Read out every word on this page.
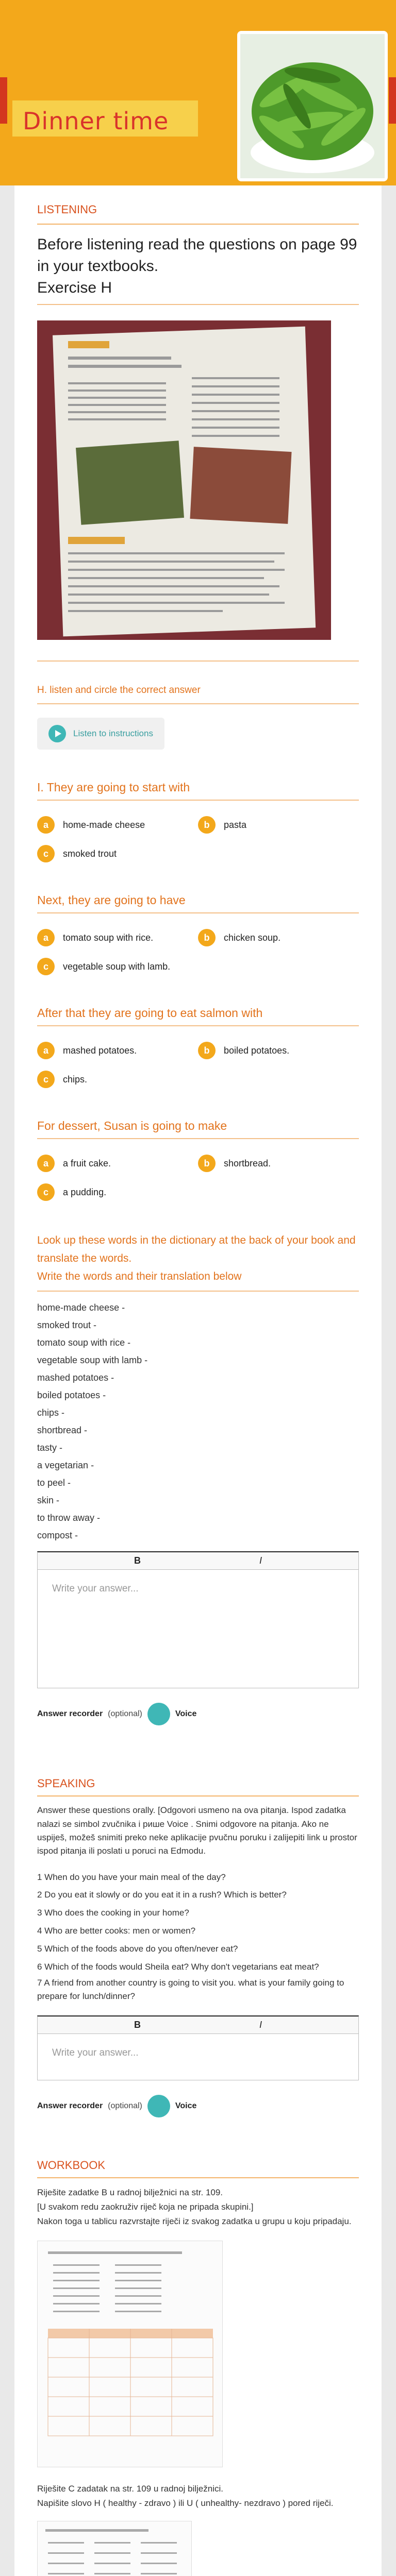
Dinner time
LISTENING
Before listening read the questions on page 99 in your textbooks.
Exercise H
H. listen and circle the correct answer
Listen to instructions
I. They are going to start with
a	home-made cheese	b	pasta
c	smoked trout
Next, they are going to have
a	tomato soup with rice.	b	chicken soup.
c	vegetable soup with lamb.
After that they are going to eat salmon with
a	mashed potatoes.	b	boiled potatoes.
c	chips.
For dessert, Susan is going to make
a	a fruit cake.	b	shortbread.
c	a pudding.
Look up these words in the dictionary at the back of your book and translate the words.
Write the words and their translation below
home-made cheese -
smoked trout -
tomato soup with rice -
vegetable soup with lamb -
mashed potatoes -
boiled potatoes -
chips -
shortbread -
tasty -
a vegetarian -
to peel -
skin -
to throw away -
compost -
B	I
Write your answer...
Answer recorder (optional)	Voice
SPEAKING
Answer these questions orally. [Odgovori usmeno na ova pitanja. Ispod zadatka nalazi se simbol zvučnika i pише Voice . Snimi odgovore na pitanja. Ako ne uspiješ, možeš snimiti preko neke aplikacije pvučnu poruku i zalijepiti link u prostor ispod pitanja ili poslati u poruci na Edmodu.
1 When do you have your main meal of the day?
2 Do you eat it slowly or do you eat it in a rush? Which is better?
3 Who does the cooking in your home?
4 Who are better cooks: men or women?
5 Which of the foods above do you often/never eat?
6 Which of the foods would Sheila eat? Why don't vegetarians eat meat?
7 A friend from another country is going to visit you. what is your family going to prepare for lunch/dinner?
B	I
Write your answer...
Answer recorder (optional)	Voice
WORKBOOK
Riješite zadatke B u radnoj bilježnici na str. 109.
[U svakom redu zaokruživ riječ koja ne pripada skupini.]
Nakon toga u tablicu razvrstajte riječi iz svakog zadatka u grupu u koju pripadaju.
Riješite C zadatak na str. 109 u radnoj bilježnici.
Napišite slovo H ( healthy - zdravo ) ili U ( unhealthy- nezdravo ) pored riječi.
